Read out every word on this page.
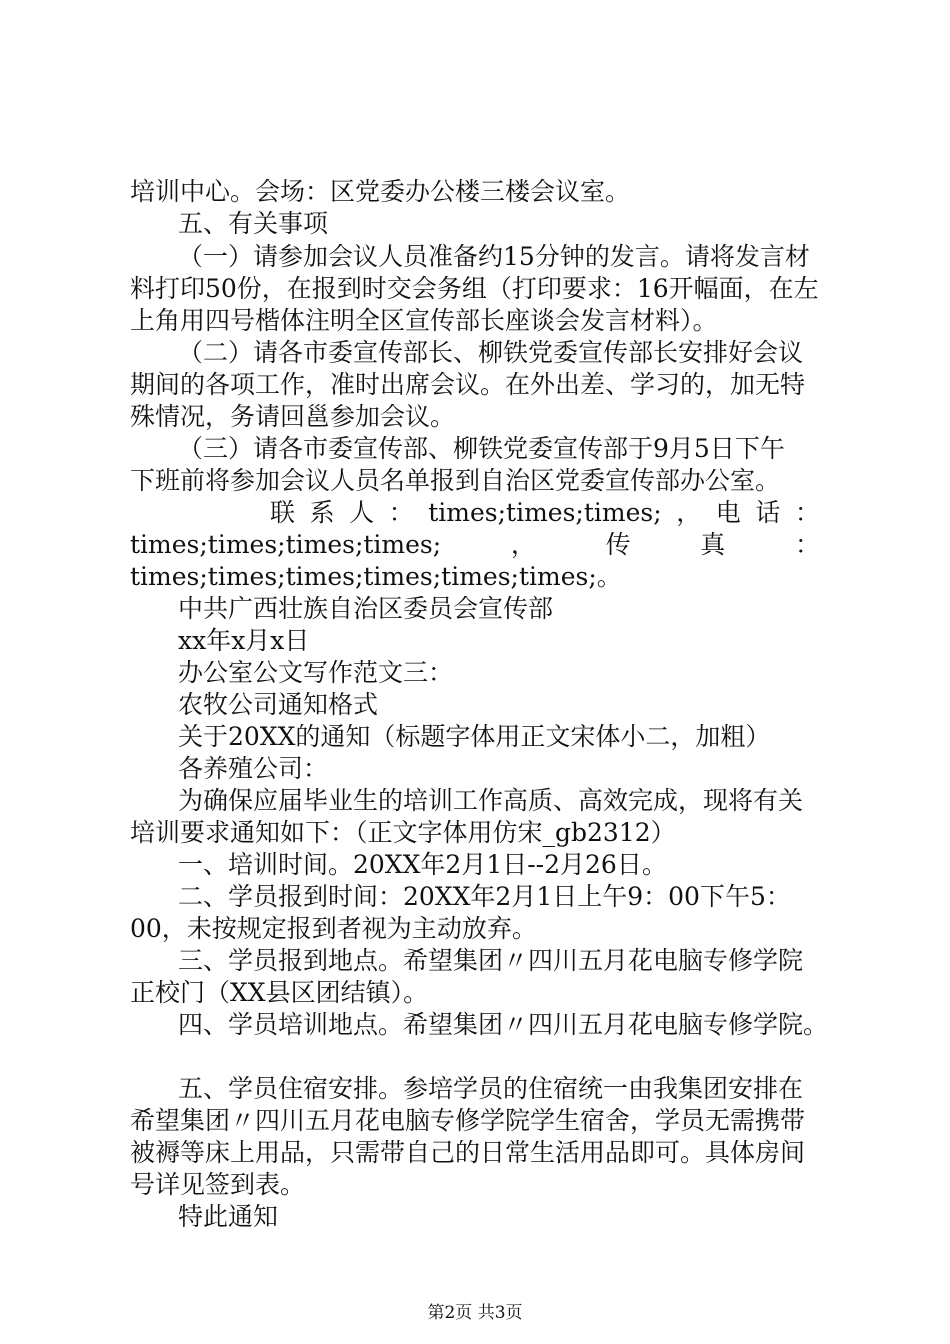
培训中心。会场：区党委办公楼三楼会议室。
五、有关事项
（一）请参加会议人员准备约15分钟的发言。请将发言材
料打印50份，在报到时交会务组（打印要求：16开幅面，在左
上角用四号楷体注明全区宣传部长座谈会发言材料）。
（二）请各市委宣传部长、柳铁党委宣传部长安排好会议
期间的各项工作，准时出席会议。在外出差、学习的，加无特
殊情况，务请回邕参加会议。
（三）请各市委宣传部、柳铁党委宣传部于9月5日下午
下班前将参加会议人员名单报到自治区党委宣传部办公室。
联 系 人 ： times;times;times; ， 电 话 ：
times;times;times;times;	，	传	真	：
times;times;times;times;times;times;。
中共广西壮族自治区委员会宣传部
xx年x月x日
办公室公文写作范文三：
农牧公司通知格式
关于20XX的通知（标题字体用正文宋体小二，加粗）
各养殖公司：
为确保应届毕业生的培训工作高质、高效完成，现将有关
培训要求通知如下：（正文字体用仿宋_gb2312）
一、培训时间。20XX年2月1日--2月26日。
二、学员报到时间：20XX年2月1日上午9：00下午5：
00，未按规定报到者视为主动放弃。
三、学员报到地点。希望集团〃四川五月花电脑专修学院
正校门（XX县区团结镇）。
四、学员培训地点。希望集团〃四川五月花电脑专修学院。
五、学员住宿安排。参培学员的住宿统一由我集团安排在
希望集团〃四川五月花电脑专修学院学生宿舍，学员无需携带
被褥等床上用品，只需带自己的日常生活用品即可。具体房间
号详见签到表。
特此通知
第2页 共3页
